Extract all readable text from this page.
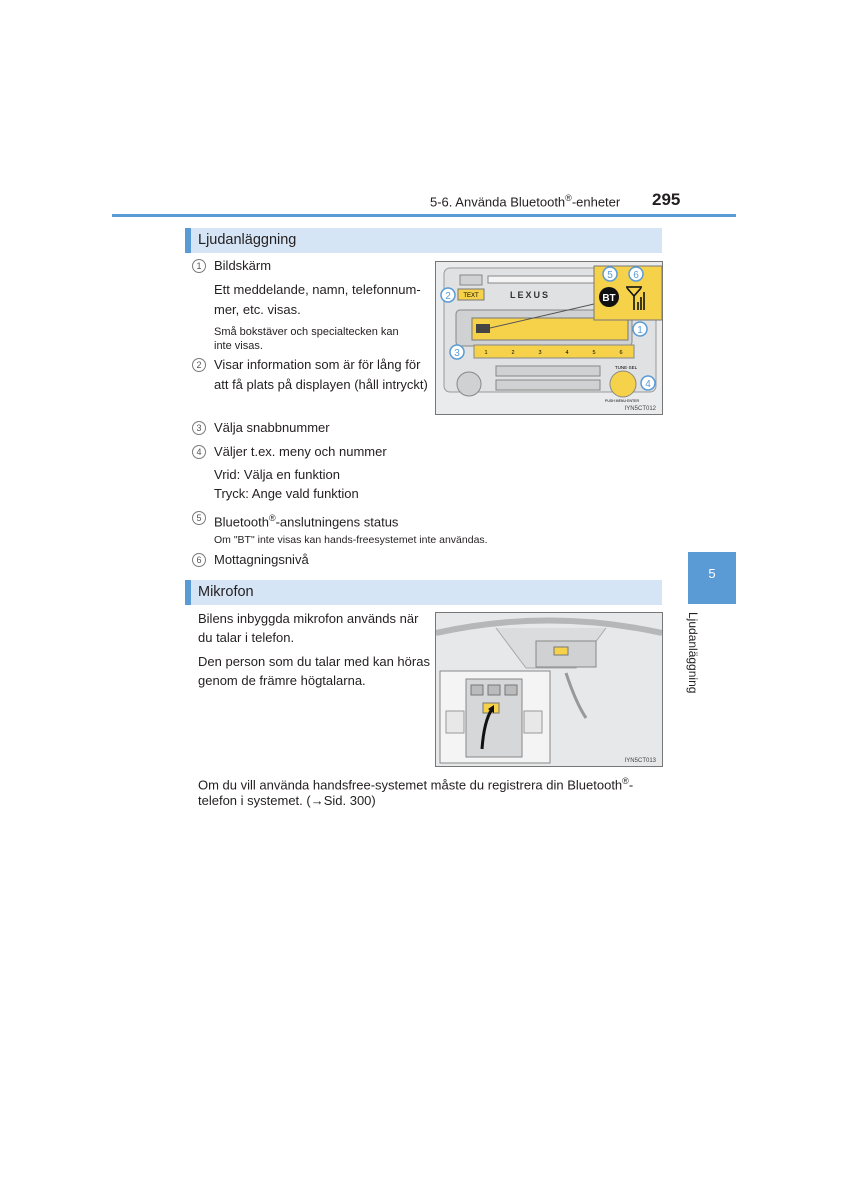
5-6. Använda Bluetooth®-enheter 295
5
Ljudanläggning
Ljudanläggning
1 Bildskärm
Ett meddelande, namn, telefonnum-
mer, etc. visas.
Små bokstäver och specialtecken kan
inte visas.
2 Visar information som är för lång för
att få plats på displayen (håll intryckt)
3 Välja snabbnummer
4 Väljer t.ex. meny och nummer
Vrid: Välja en funktion
Tryck: Ange vald funktion
5 Bluetooth®-anslutningens status
Om "BT" inte visas kan hands-freesystemet inte användas.
6 Mottagningsnivå
TEXT	LEXUS
1	2	3	4	5	6
TUNE·SEL
PUSH MENU·ENTER
BT
5 6
2
1
3
4
IYN5CT012
Mikrofon
Bilens inbyggda mikrofon används när
du talar i telefon.
Den person som du talar med kan höras
genom de främre högtalarna.
IYN5CT013
Om du vill använda handsfree-systemet måste du registrera din Bluetooth®-
telefon i systemet. (→Sid. 300)
